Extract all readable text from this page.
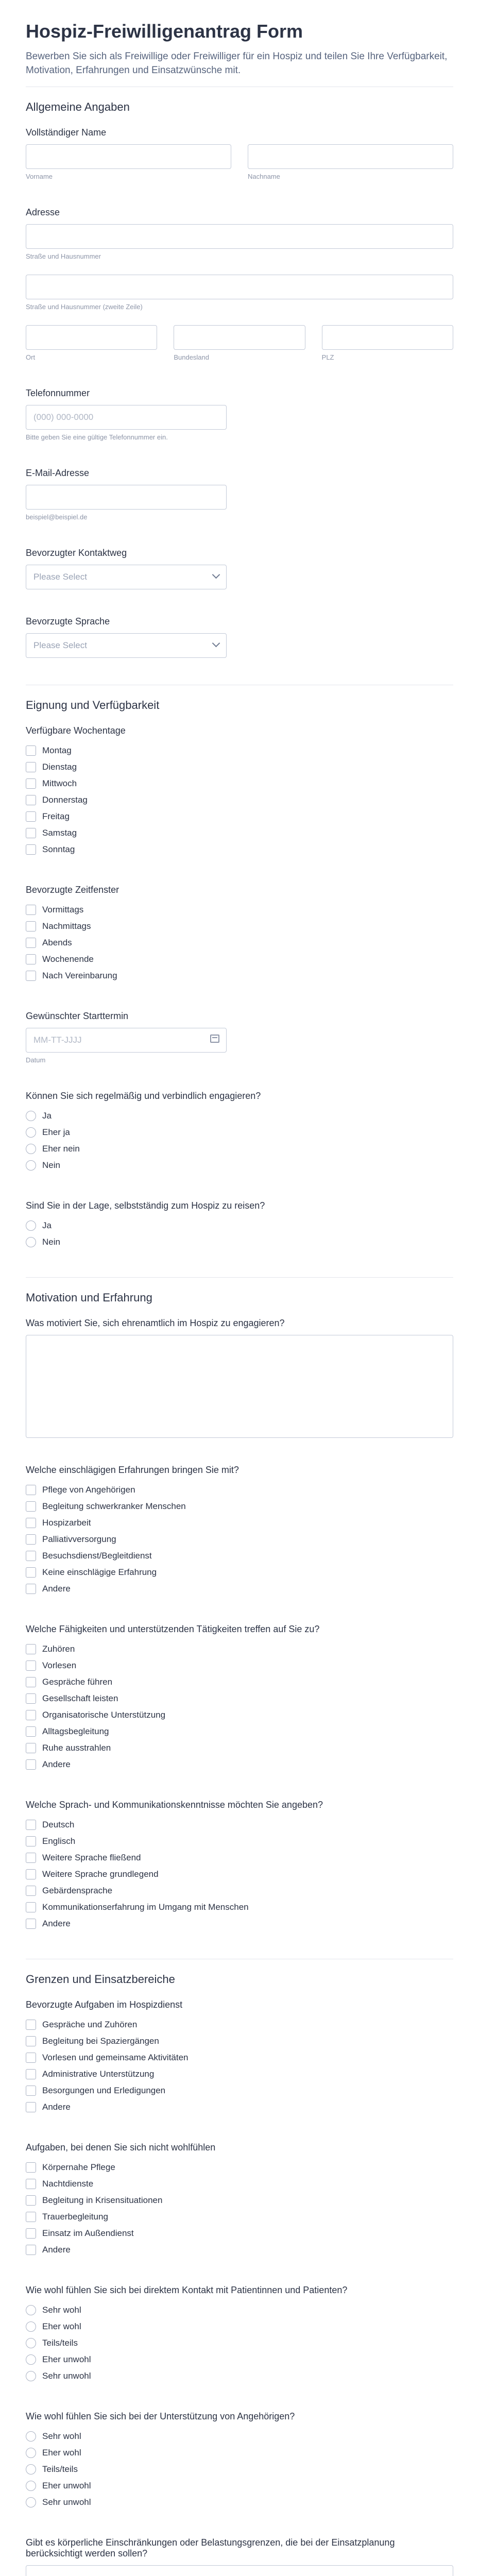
Hospiz-Freiwilligenantrag Form

Bewerben Sie sich als Freiwillige oder Freiwilliger für ein Hospiz und teilen Sie Ihre Verfügbarkeit, Motivation, Erfahrungen und Einsatzwünsche mit.

Allgemeine Angaben
Vollständiger Name
Vorname	Nachname
Adresse
Straße und Hausnummer
Straße und Hausnummer (zweite Zeile)
Ort	Bundesland	PLZ
Telefonnummer
(000) 000-0000
Bitte geben Sie eine gültige Telefonnummer ein.
E-Mail-Adresse
beispiel@beispiel.de
Bevorzugter Kontaktweg
Please Select
Bevorzugte Sprache
Please Select
Eignung und Verfügbarkeit
Verfügbare Wochentage
Montag
Dienstag
Mittwoch
Donnerstag
Freitag
Samstag
Sonntag
Bevorzugte Zeitfenster
Vormittags
Nachmittags
Abends
Wochenende
Nach Vereinbarung
Gewünschter Starttermin
MM-TT-JJJJ
Datum
Können Sie sich regelmäßig und verbindlich engagieren?
Ja
Eher ja
Eher nein
Nein
Sind Sie in der Lage, selbstständig zum Hospiz zu reisen?
Ja
Nein
Motivation und Erfahrung
Was motiviert Sie, sich ehrenamtlich im Hospiz zu engagieren?
Welche einschlägigen Erfahrungen bringen Sie mit?
Pflege von Angehörigen
Begleitung schwerkranker Menschen
Hospizarbeit
Palliativversorgung
Besuchsdienst/Begleitdienst
Keine einschlägige Erfahrung
Andere
Welche Fähigkeiten und unterstützenden Tätigkeiten treffen auf Sie zu?
Zuhören
Vorlesen
Gespräche führen
Gesellschaft leisten
Organisatorische Unterstützung
Alltagsbegleitung
Ruhe ausstrahlen
Andere
Welche Sprach- und Kommunikationskenntnisse möchten Sie angeben?
Deutsch
Englisch
Weitere Sprache fließend
Weitere Sprache grundlegend
Gebärdensprache
Kommunikationserfahrung im Umgang mit Menschen
Andere
Grenzen und Einsatzbereiche
Bevorzugte Aufgaben im Hospizdienst
Gespräche und Zuhören
Begleitung bei Spaziergängen
Vorlesen und gemeinsame Aktivitäten
Administrative Unterstützung
Besorgungen und Erledigungen
Andere
Aufgaben, bei denen Sie sich nicht wohlfühlen
Körpernahe Pflege
Nachtdienste
Begleitung in Krisensituationen
Trauerbegleitung
Einsatz im Außendienst
Andere
Wie wohl fühlen Sie sich bei direktem Kontakt mit Patientinnen und Patienten?
Sehr wohl
Eher wohl
Teils/teils
Eher unwohl
Sehr unwohl
Wie wohl fühlen Sie sich bei der Unterstützung von Angehörigen?
Sehr wohl
Eher wohl
Teils/teils
Eher unwohl
Sehr unwohl
Gibt es körperliche Einschränkungen oder Belastungsgrenzen, die bei der Einsatzplanung berücksichtigt werden sollen?
